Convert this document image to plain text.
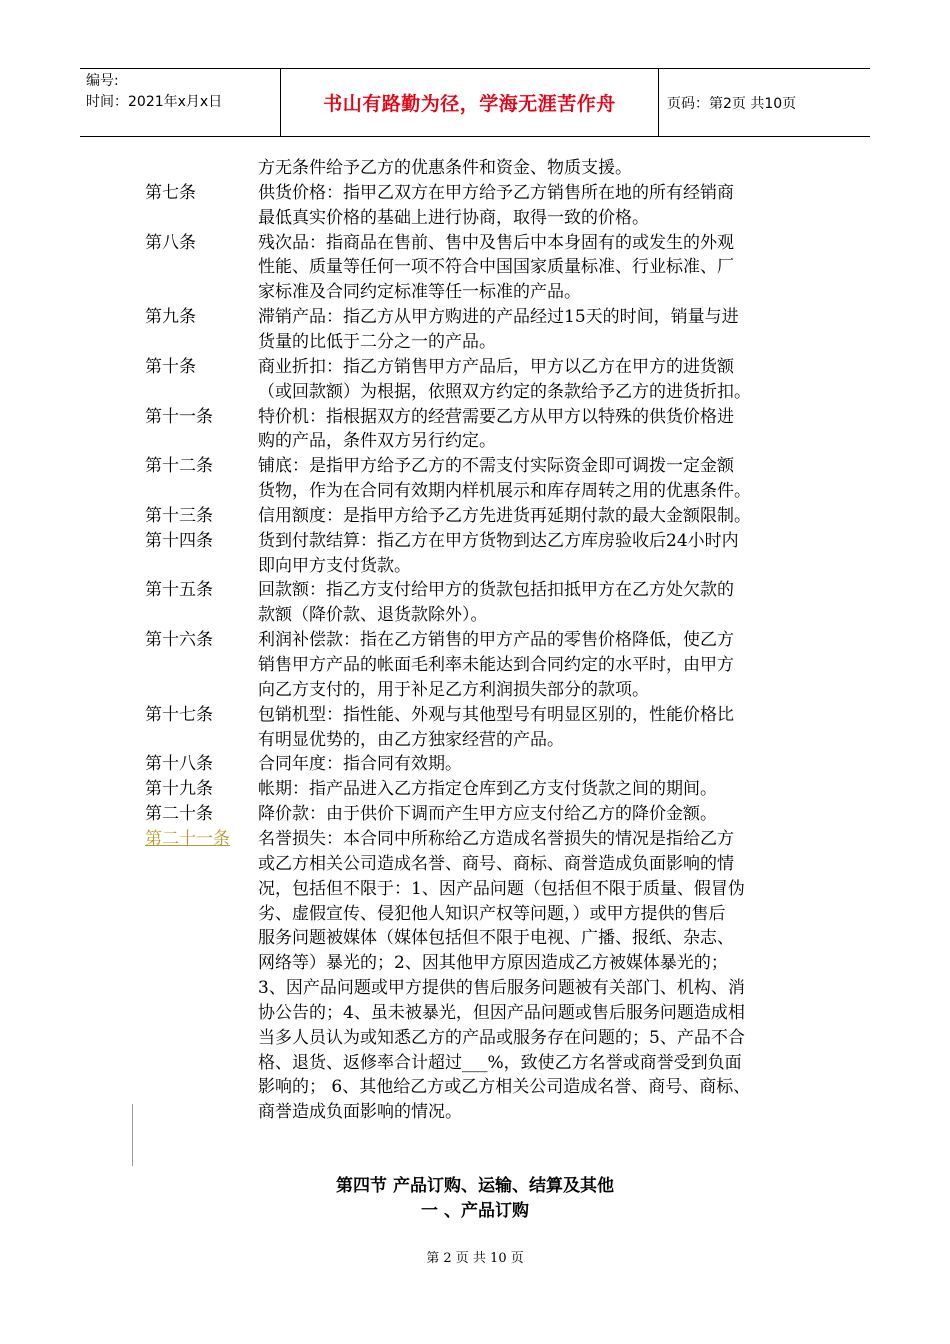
编号:
时间：2021年x月x日	书山有路勤为径，学海无涯苦作舟	页码：第2页 共10页
方无条件给予乙方的优惠条件和资金、物质支援。
第七条	供货价格：指甲乙双方在甲方给予乙方销售所在地的所有经销商
最低真实价格的基础上进行协商，取得一致的价格。
第八条	残次品：指商品在售前、售中及售后中本身固有的或发生的外观
性能、质量等任何一项不符合中国国家质量标准、行业标准、厂
家标准及合同约定标准等任一标准的产品。
第九条	滞销产品：指乙方从甲方购进的产品经过15天的时间，销量与进
货量的比低于二分之一的产品。
第十条	商业折扣：指乙方销售甲方产品后，甲方以乙方在甲方的进货额
（或回款额）为根据，依照双方约定的条款给予乙方的进货折扣。
第十一条	特价机：指根据双方的经营需要乙方从甲方以特殊的供货价格进
购的产品，条件双方另行约定。
第十二条	铺底：是指甲方给予乙方的不需支付实际资金即可调拨一定金额
货物，作为在合同有效期内样机展示和库存周转之用的优惠条件。
第十三条	信用额度：是指甲方给予乙方先进货再延期付款的最大金额限制。
第十四条	货到付款结算：指乙方在甲方货物到达乙方库房验收后24小时内
即向甲方支付货款。
第十五条	回款额：指乙方支付给甲方的货款包括扣抵甲方在乙方处欠款的
款额（降价款、退货款除外）。
第十六条	利润补偿款：指在乙方销售的甲方产品的零售价格降低，使乙方
销售甲方产品的帐面毛利率未能达到合同约定的水平时，由甲方
向乙方支付的，用于补足乙方利润损失部分的款项。
第十七条	包销机型：指性能、外观与其他型号有明显区别的，性能价格比
有明显优势的，由乙方独家经营的产品。
第十八条	合同年度：指合同有效期。
第十九条	帐期：指产品进入乙方指定仓库到乙方支付货款之间的期间。
第二十条	降价款：由于供价下调而产生甲方应支付给乙方的降价金额。
第二十一条 名誉损失：本合同中所称给乙方造成名誉损失的情况是指给乙方
或乙方相关公司造成名誉、商号、商标、商誉造成负面影响的情
况，包括但不限于：1、因产品问题（包括但不限于质量、假冒伪
劣、虚假宣传、侵犯他人知识产权等问题，）或甲方提供的售后
服务问题被媒体（媒体包括但不限于电视、广播、报纸、杂志、
网络等）暴光的；2、因其他甲方原因造成乙方被媒体暴光的；
3、因产品问题或甲方提供的售后服务问题被有关部门、机构、消
协公告的；4、虽未被暴光，但因产品问题或售后服务问题造成相
当多人员认为或知悉乙方的产品或服务存在问题的；5、产品不合
格、退货、返修率合计超过___%，致使乙方名誉或商誉受到负面
影响的； 6、其他给乙方或乙方相关公司造成名誉、商号、商标、
商誉造成负面影响的情况。
第四节 产品订购、运输、结算及其他
一 、产品订购
第 2 页 共 10 页
